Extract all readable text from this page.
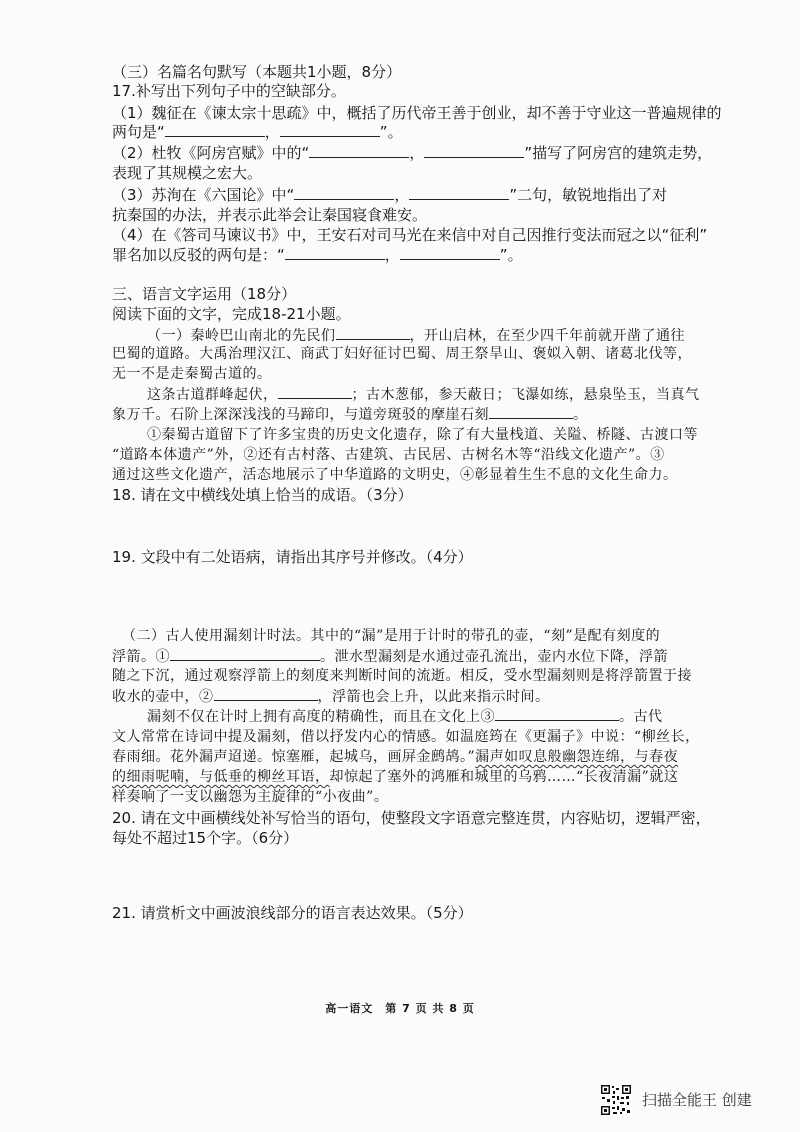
（三）名篇名句默写（本题共1小题，8分）
17.补写出下列句子中的空缺部分。
（1）魏征在《谏太宗十思疏》中，概括了历代帝王善于创业，却不善于守业这一普遍规律的
两句是“	，	”。
（2）杜牧《阿房宫赋》中的“	，	”描写了阿房宫的建筑走势，
表现了其规模之宏大。
（3）苏洵在《六国论》中“	，	”二句，敏锐地指出了对
抗秦国的办法，并表示此举会让秦国寝食难安。
（4）在《答司马谏议书》中，王安石对司马光在来信中对自己因推行变法而冠之以“征利”
罪名加以反驳的两句是：“	，	”。
三、语言文字运用（18分）
阅读下面的文字，完成18-21小题。
（一）秦岭巴山南北的先民们	，开山启林，在至少四千年前就开凿了通往
巴蜀的道路。大禹治理汉江、商武丁妇好征讨巴蜀、周王祭旱山、褒姒入朝、诸葛北伐等，
无一不是走秦蜀古道的。
这条古道群峰起伏，	；古木葱郁，参天蔽日；飞瀑如练，悬泉坠玉，当真气
象万千。石阶上深深浅浅的马蹄印，与道旁斑驳的摩崖石刻	。
①秦蜀古道留下了许多宝贵的历史文化遗存，除了有大量栈道、关隘、桥隧、古渡口等
“道路本体遗产”外，②还有古村落、古建筑、古民居、古树名木等“沿线文化遗产”。③
通过这些文化遗产，活态地展示了中华道路的文明史，④彰显着生生不息的文化生命力。
18. 请在文中横线处填上恰当的成语。（3分）
19. 文段中有二处语病，请指出其序号并修改。（4分）
（二）古人使用漏刻计时法。其中的“漏”是用于计时的带孔的壶，“刻”是配有刻度的
浮箭。①	。泄水型漏刻是水通过壶孔流出，壶内水位下降，浮箭
随之下沉，通过观察浮箭上的刻度来判断时间的流逝。相反，受水型漏刻则是将浮箭置于接
收水的壶中，②	，浮箭也会上升，以此来指示时间。
漏刻不仅在计时上拥有高度的精确性，而且在文化上③	。古代
文人常常在诗词中提及漏刻，借以抒发内心的情感。如温庭筠在《更漏子》中说：“柳丝长，
春雨细。花外漏声迢递。惊塞雁，起城乌，画屏金鹧鸪。”漏声如叹息般幽怨连绵，与春夜
的细雨呢喃，与低垂的柳丝耳语，却惊起了塞外的鸿雁和城里的乌鸦……“长夜清漏”就这
样奏响了一支以幽怨为主旋律的“小夜曲”。
20. 请在文中画横线处补写恰当的语句，使整段文字语意完整连贯，内容贴切，逻辑严密，
每处不超过15个字。（6分）
21. 请赏析文中画波浪线部分的语言表达效果。（5分）
高一语文　第 7 页 共 8 页
扫描全能王 创建
